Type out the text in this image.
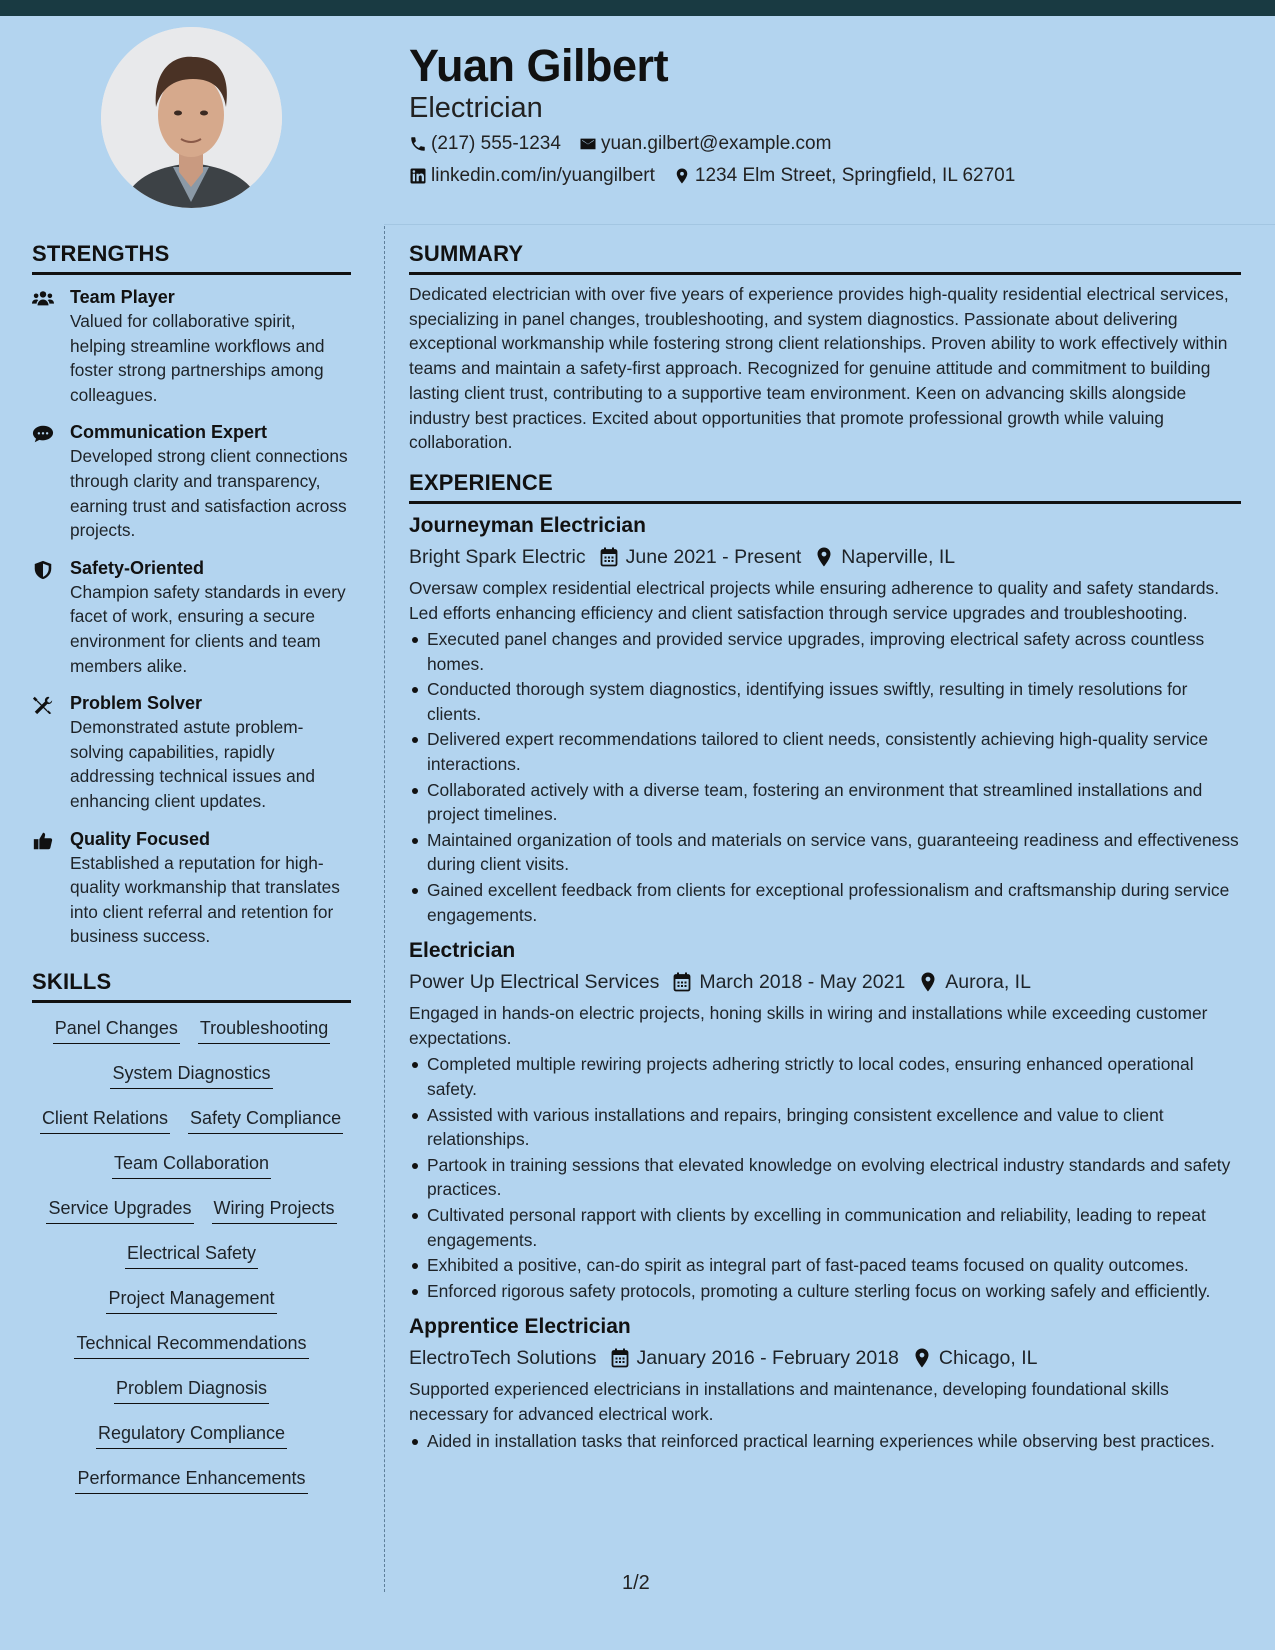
Yuan Gilbert
Electrician
(217) 555-1234 yuan.gilbert@example.com
linkedin.com/in/yuangilbert 1234 Elm Street, Springfield, IL 62701
STRENGTHS
Team Player
Valued for collaborative spirit, helping streamline workflows and foster strong partnerships among colleagues.
Communication Expert
Developed strong client connections through clarity and transparency, earning trust and satisfaction across projects.
Safety-Oriented
Champion safety standards in every facet of work, ensuring a secure environment for clients and team members alike.
Problem Solver
Demonstrated astute problem-solving capabilities, rapidly addressing technical issues and enhancing client updates.
Quality Focused
Established a reputation for high-quality workmanship that translates into client referral and retention for business success.
SKILLS
Panel Changes Troubleshooting
System Diagnostics
Client Relations Safety Compliance
Team Collaboration
Service Upgrades Wiring Projects
Electrical Safety
Project Management
Technical Recommendations
Problem Diagnosis
Regulatory Compliance
Performance Enhancements
SUMMARY
Dedicated electrician with over five years of experience provides high-quality residential electrical services, specializing in panel changes, troubleshooting, and system diagnostics. Passionate about delivering exceptional workmanship while fostering strong client relationships. Proven ability to work effectively within teams and maintain a safety-first approach. Recognized for genuine attitude and commitment to building lasting client trust, contributing to a supportive team environment. Keen on advancing skills alongside industry best practices. Excited about opportunities that promote professional growth while valuing collaboration.
EXPERIENCE
Journeyman Electrician
Bright Spark Electric June 2021 - Present Naperville, IL
Oversaw complex residential electrical projects while ensuring adherence to quality and safety standards. Led efforts enhancing efficiency and client satisfaction through service upgrades and troubleshooting.
Executed panel changes and provided service upgrades, improving electrical safety across countless homes.
Conducted thorough system diagnostics, identifying issues swiftly, resulting in timely resolutions for clients.
Delivered expert recommendations tailored to client needs, consistently achieving high-quality service interactions.
Collaborated actively with a diverse team, fostering an environment that streamlined installations and project timelines.
Maintained organization of tools and materials on service vans, guaranteeing readiness and effectiveness during client visits.
Gained excellent feedback from clients for exceptional professionalism and craftsmanship during service engagements.
Electrician
Power Up Electrical Services March 2018 - May 2021 Aurora, IL
Engaged in hands-on electric projects, honing skills in wiring and installations while exceeding customer expectations.
Completed multiple rewiring projects adhering strictly to local codes, ensuring enhanced operational safety.
Assisted with various installations and repairs, bringing consistent excellence and value to client relationships.
Partook in training sessions that elevated knowledge on evolving electrical industry standards and safety practices.
Cultivated personal rapport with clients by excelling in communication and reliability, leading to repeat engagements.
Exhibited a positive, can-do spirit as integral part of fast-paced teams focused on quality outcomes.
Enforced rigorous safety protocols, promoting a culture sterling focus on working safely and efficiently.
Apprentice Electrician
ElectroTech Solutions January 2016 - February 2018 Chicago, IL
Supported experienced electricians in installations and maintenance, developing foundational skills necessary for advanced electrical work.
Aided in installation tasks that reinforced practical learning experiences while observing best practices.
1/2
